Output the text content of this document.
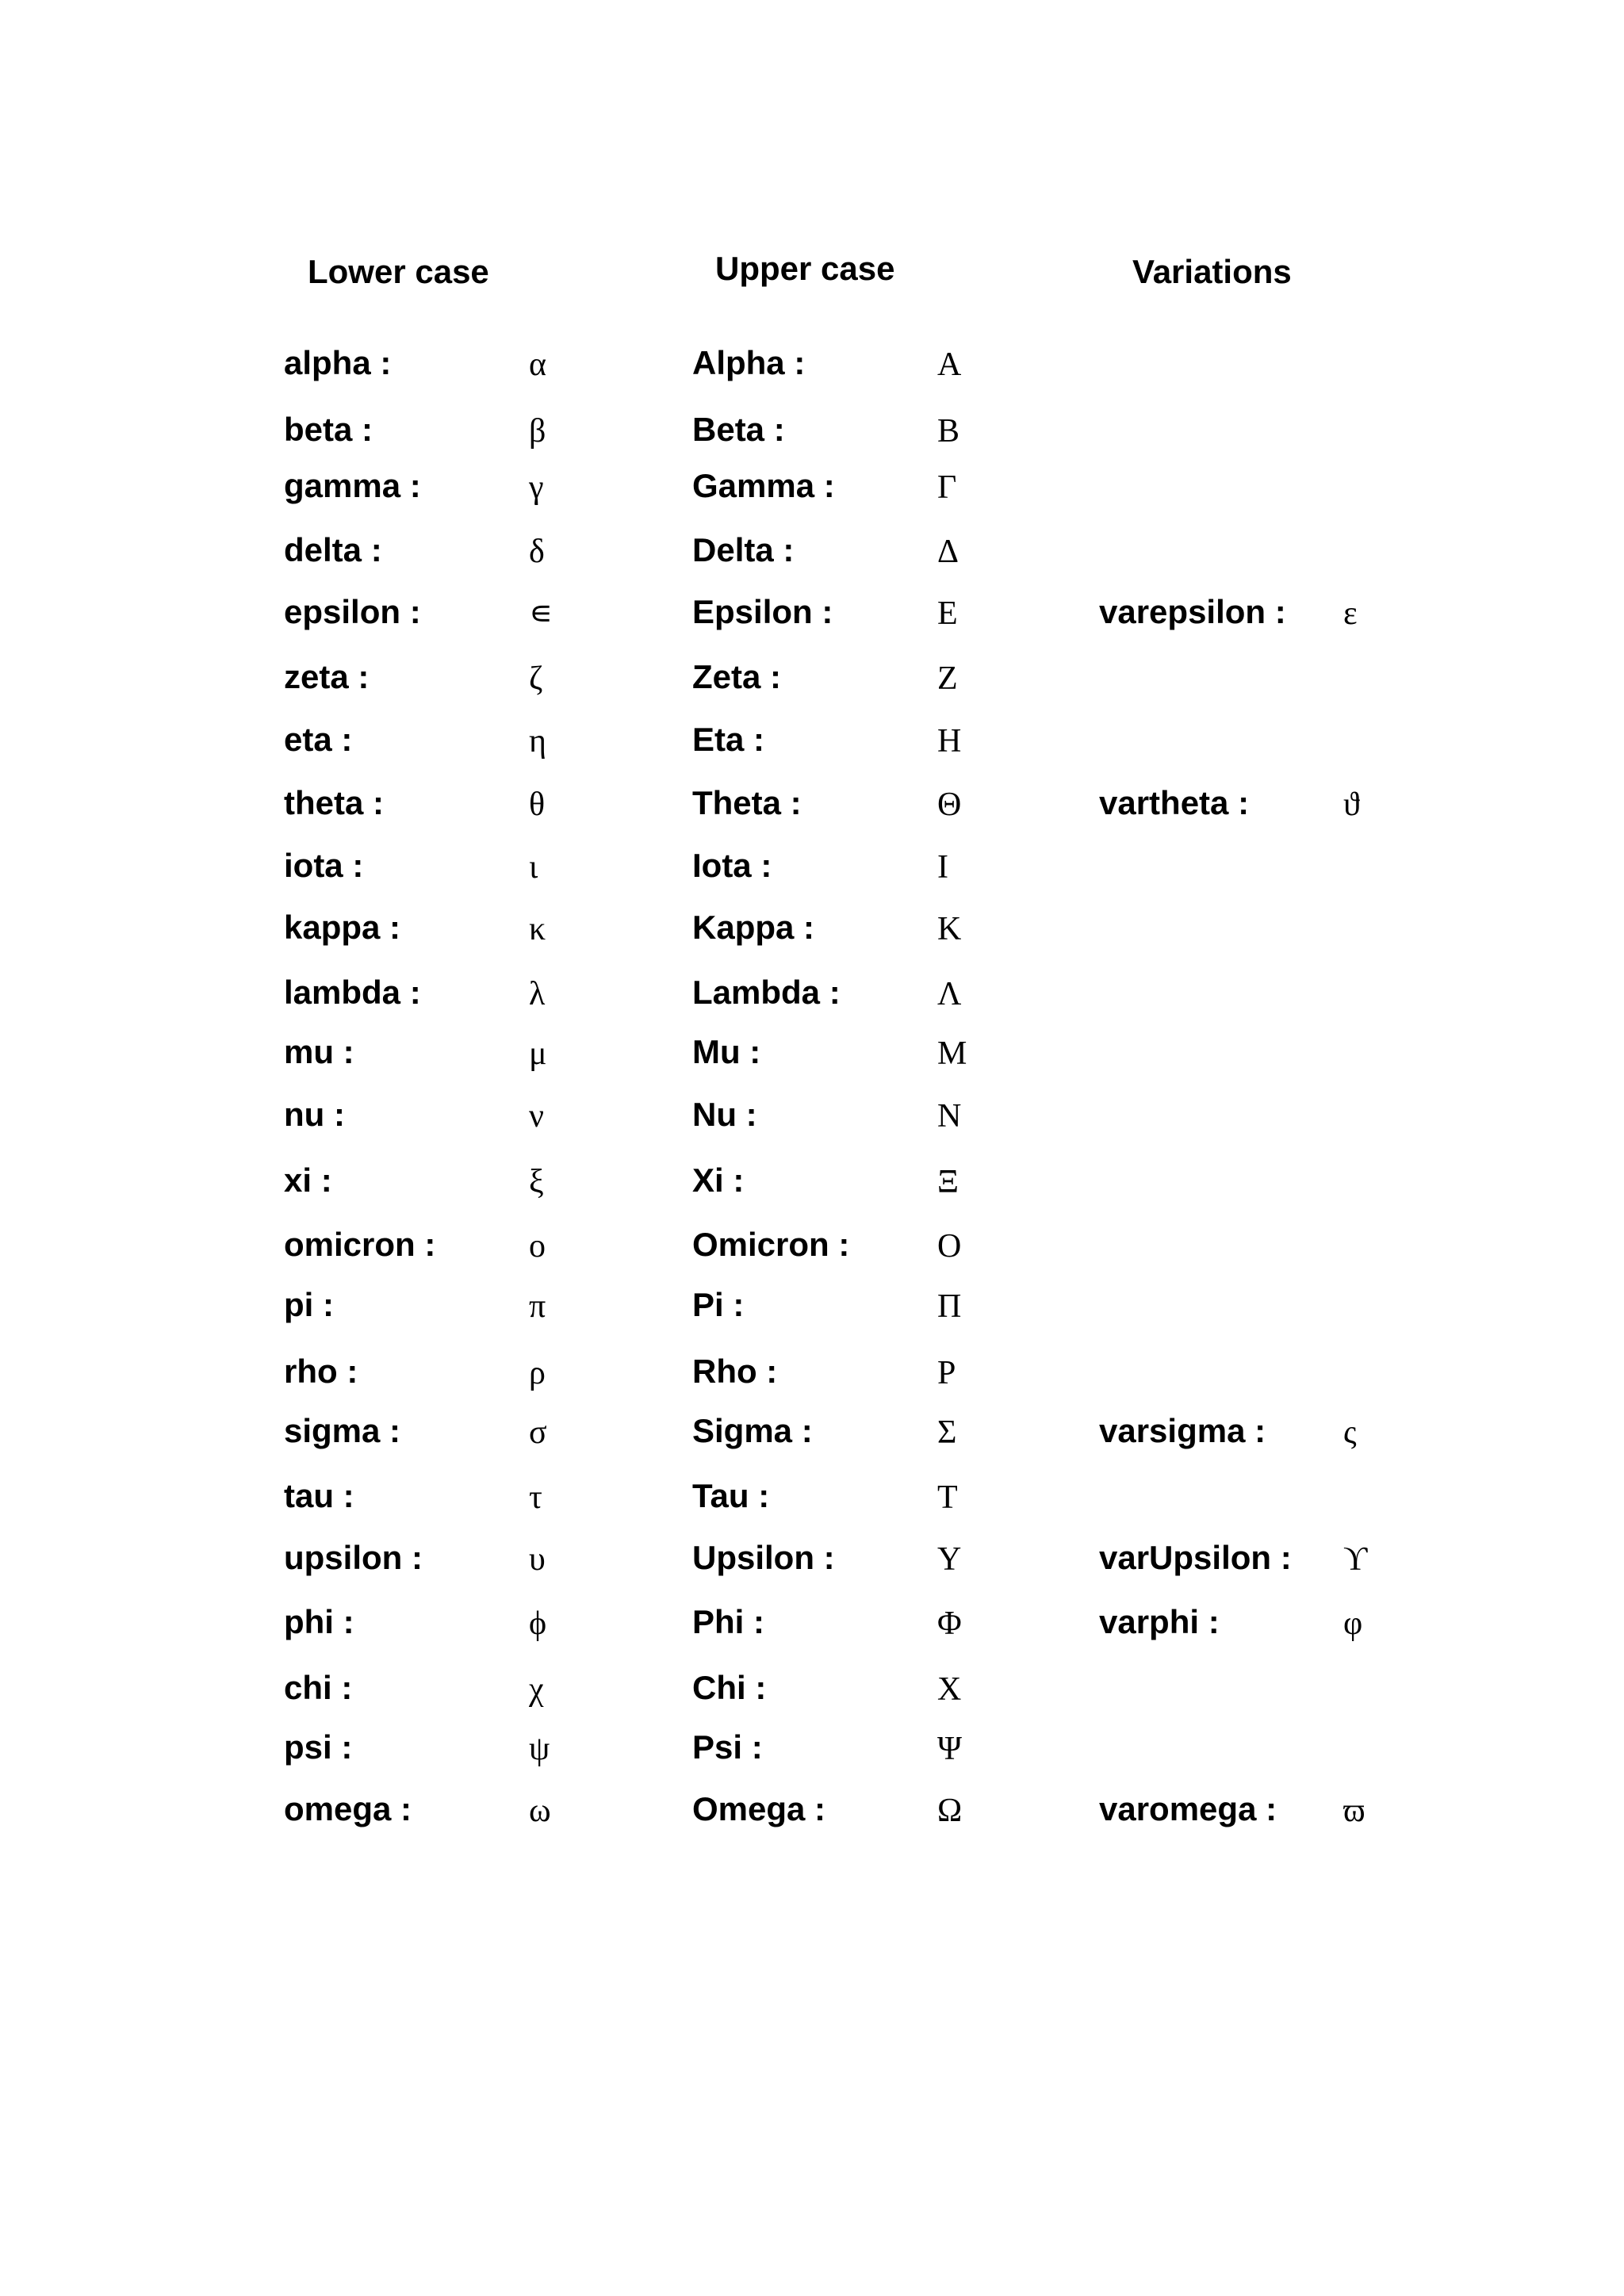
Lower case	Upper case	Variations
alpha :	α	Alpha :	Α
beta :	β	Beta :	Β
gamma :	γ	Gamma :	Γ
delta :	δ	Delta :	Δ
epsilon :	∊	Epsilon :	Ε	varepsilon : ε
zeta :	ζ	Zeta :	Ζ
eta :	η	Eta :	Η
theta :	θ	Theta :	Θ	vartheta :	ϑ
iota :	ι	Iota :	Ι
kappa :	κ	Kappa :	Κ
lambda :	λ	Lambda :	Λ
mu :	μ	Mu :	Μ
nu :	ν	Nu :	Ν
xi :	ξ	Xi :	Ξ
omicron :	ο	Omicron :	Ο
pi :	π	Pi :	Π
rho :	ρ	Rho :	Ρ
sigma :	σ	Sigma :	Σ	varsigma : ς
tau :	τ	Tau :	Τ
upsilon :	υ	Upsilon :	Υ	varUpsilon : ϒ
phi :	ϕ	Phi :	Φ	varphi :	φ
chi :	χ	Chi :	Χ
psi :	ψ	Psi :	Ψ
omega :	ω	Omega :	Ω	varomega : ϖ
